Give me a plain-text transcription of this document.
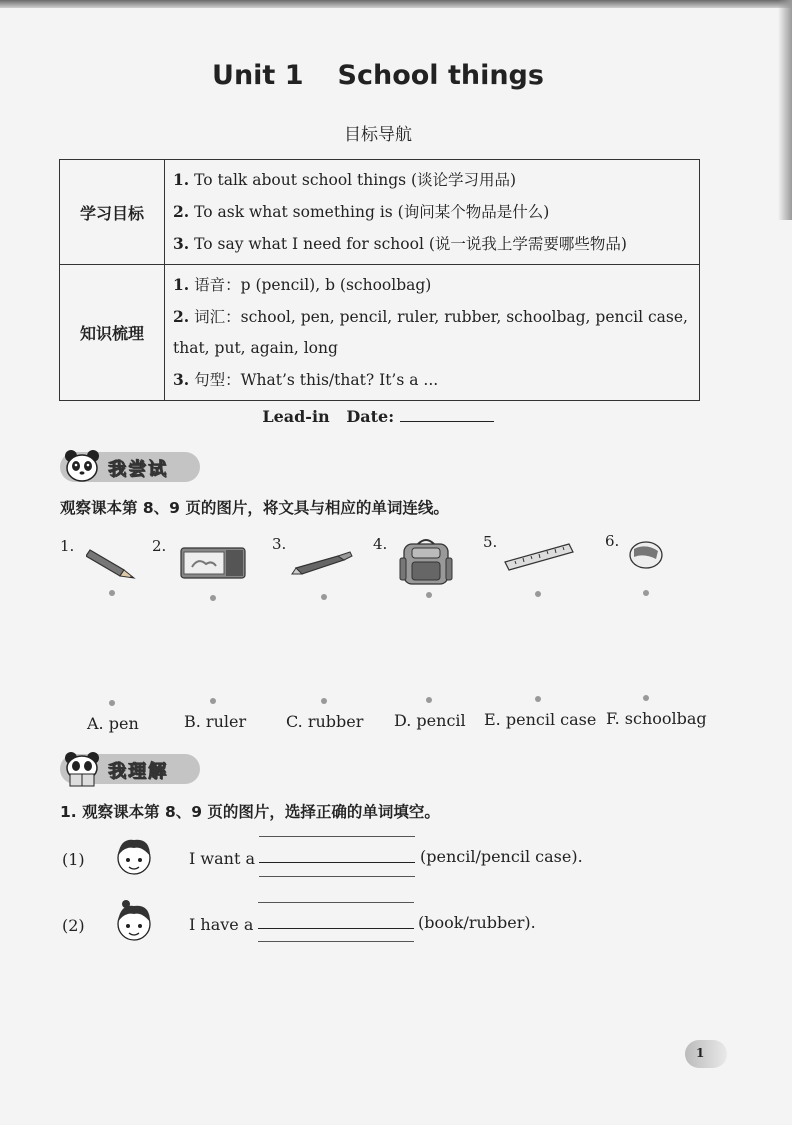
Unit 1 School things
目标导航
学习目标	1. To talk about school things (谈论学习用品)
2. To ask what something is (询问某个物品是什么)
3. To say what I need for school (说一说我上学需要哪些物品)

知识梳理	1. 语音：p (pencil), b (schoolbag)
2. 词汇：school, pen, pencil, ruler, rubber, schoolbag, pencil case, that, put, again, long
3. 句型：What’s this/that? It’s a ...
Lead-in Date:
我尝试
观察课本第 8、9 页的图片，将文具与相应的单词连线。
1.	2.	3.	4.	5.	6.
A. pen	B. ruler C. rubber D. pencil E. pencil case F. schoolbag
我理解
1. 观察课本第 8、9 页的图片，选择正确的单词填空。
(1)	I want a	(pencil/pencil case).
(2)	I have a	(book/rubber).
1
